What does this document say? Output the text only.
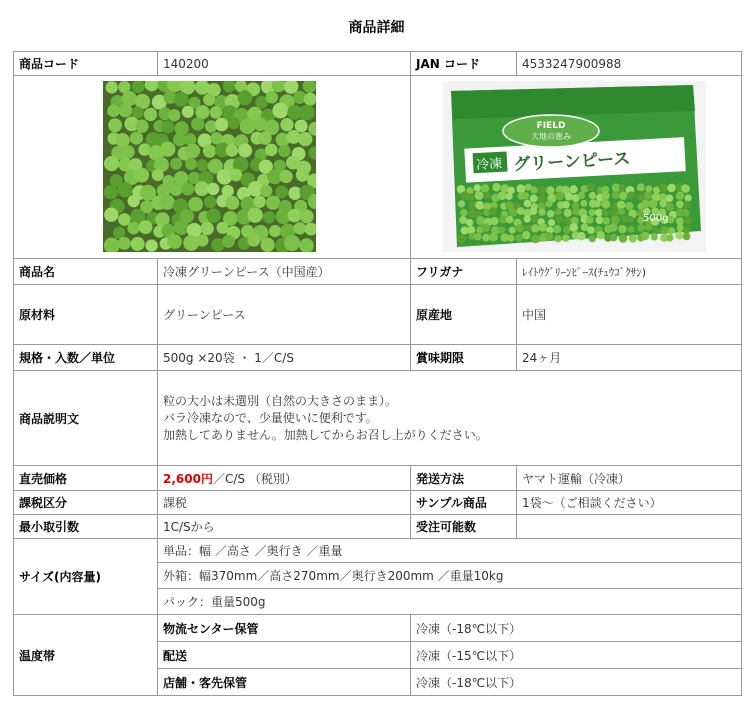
商品詳細
商品コード	140200	JAN コード	4533247900988

FIELD
大地の恵み
冷凍 グリーンピース
500g	

商品名	冷凍グリーンピース（中国産）	フリガナ	ﾚｲﾄｳｸﾞﾘｰﾝﾋﾟｰｽ(ﾁｭｳｺﾞｸｻﾝ)
原材料	グリーンピース	原産地	中国
規格・入数／単位	500g ×20袋 ・ 1／C/S	賞味期限	24ヶ月
商品説明文	粒の大小は未選別（自然の大きさのまま）。
バラ冷凍なので、少量使いに便利です。
加熱してありません。加熱してからお召し上がりください。		

直売価格	2,600円／C/S （税別）	発送方法	ヤマト運輸（冷凍）
課税区分	課税	サンプル商品	1袋～（ご相談ください）
最小取引数	1C/Sから	受注可能数	
サイズ(内容量)	単品：幅 ／高さ ／奥行き ／重量		
	外箱：幅370mm／高さ270mm／奥行き200mm ／重量10kg		
	パック：重量500g		
温度帯	物流センター保管	冷凍（-18℃以下）	
	配送	冷凍（-15℃以下）	
	店舗・客先保管	冷凍（-18℃以下）	
